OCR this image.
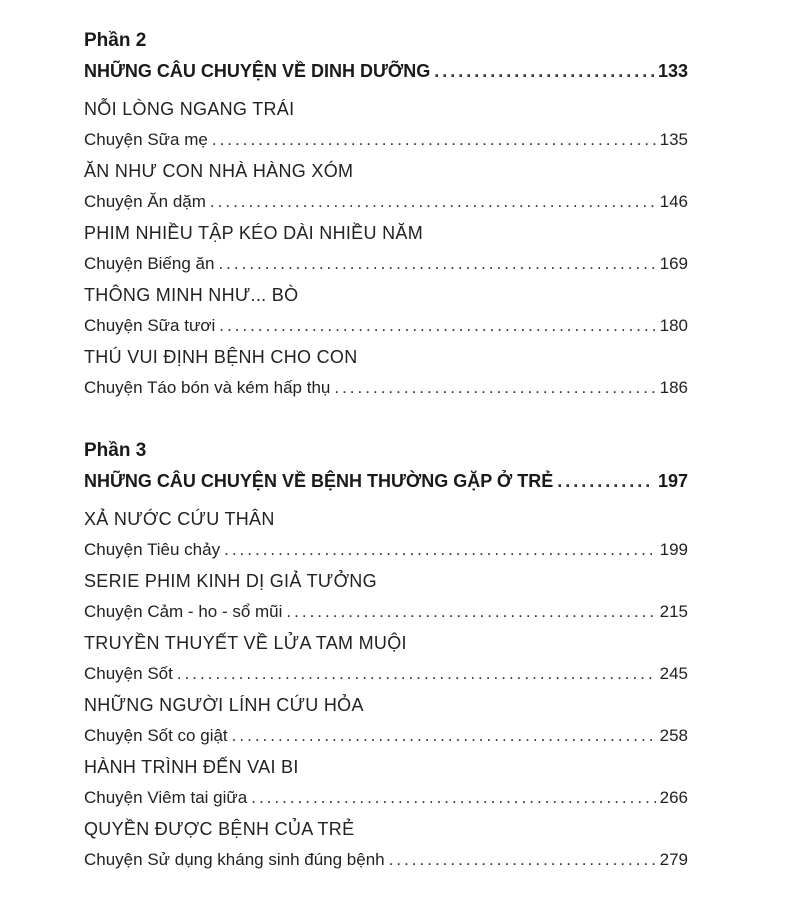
Phần 2
NHỮNG CÂU CHUYỆN VỀ DINH DƯỠNG .....	133
NỖI LÒNG NGANG TRÁI
Chuyện Sữa mẹ .....	135
ĂN NHƯ CON NHÀ HÀNG XÓM
Chuyện Ăn dặm .....	146
PHIM NHIỀU TẬP KÉO DÀI NHIỀU NĂM
Chuyện Biếng ăn .....	169
THÔNG MINH NHƯ... BÒ
Chuyện Sữa tươi .....	180
THÚ VUI ĐỊNH BỆNH CHO CON
Chuyện Táo bón và kém hấp thụ .....	186
Phần 3
NHỮNG CÂU CHUYỆN VỀ BỆNH THƯỜNG GẶP Ở TRẺ .....	197
XẢ NƯỚC CỨU THÂN
Chuyện Tiêu chảy .....	199
SERIE PHIM KINH DỊ GIẢ TƯỞNG
Chuyện Cảm - ho - sổ mũi .....	215
TRUYỀN THUYẾT VỀ LỬA TAM MUỘI
Chuyện Sốt .....	245
NHỮNG NGƯỜI LÍNH CỨU HỎA
Chuyện Sốt co giật .....	258
HÀNH TRÌNH ĐẾN VAI BI
Chuyện Viêm tai giữa .....	266
QUYỀN ĐƯỢC BỆNH CỦA TRẺ
Chuyện Sử dụng kháng sinh đúng bệnh .....	279
